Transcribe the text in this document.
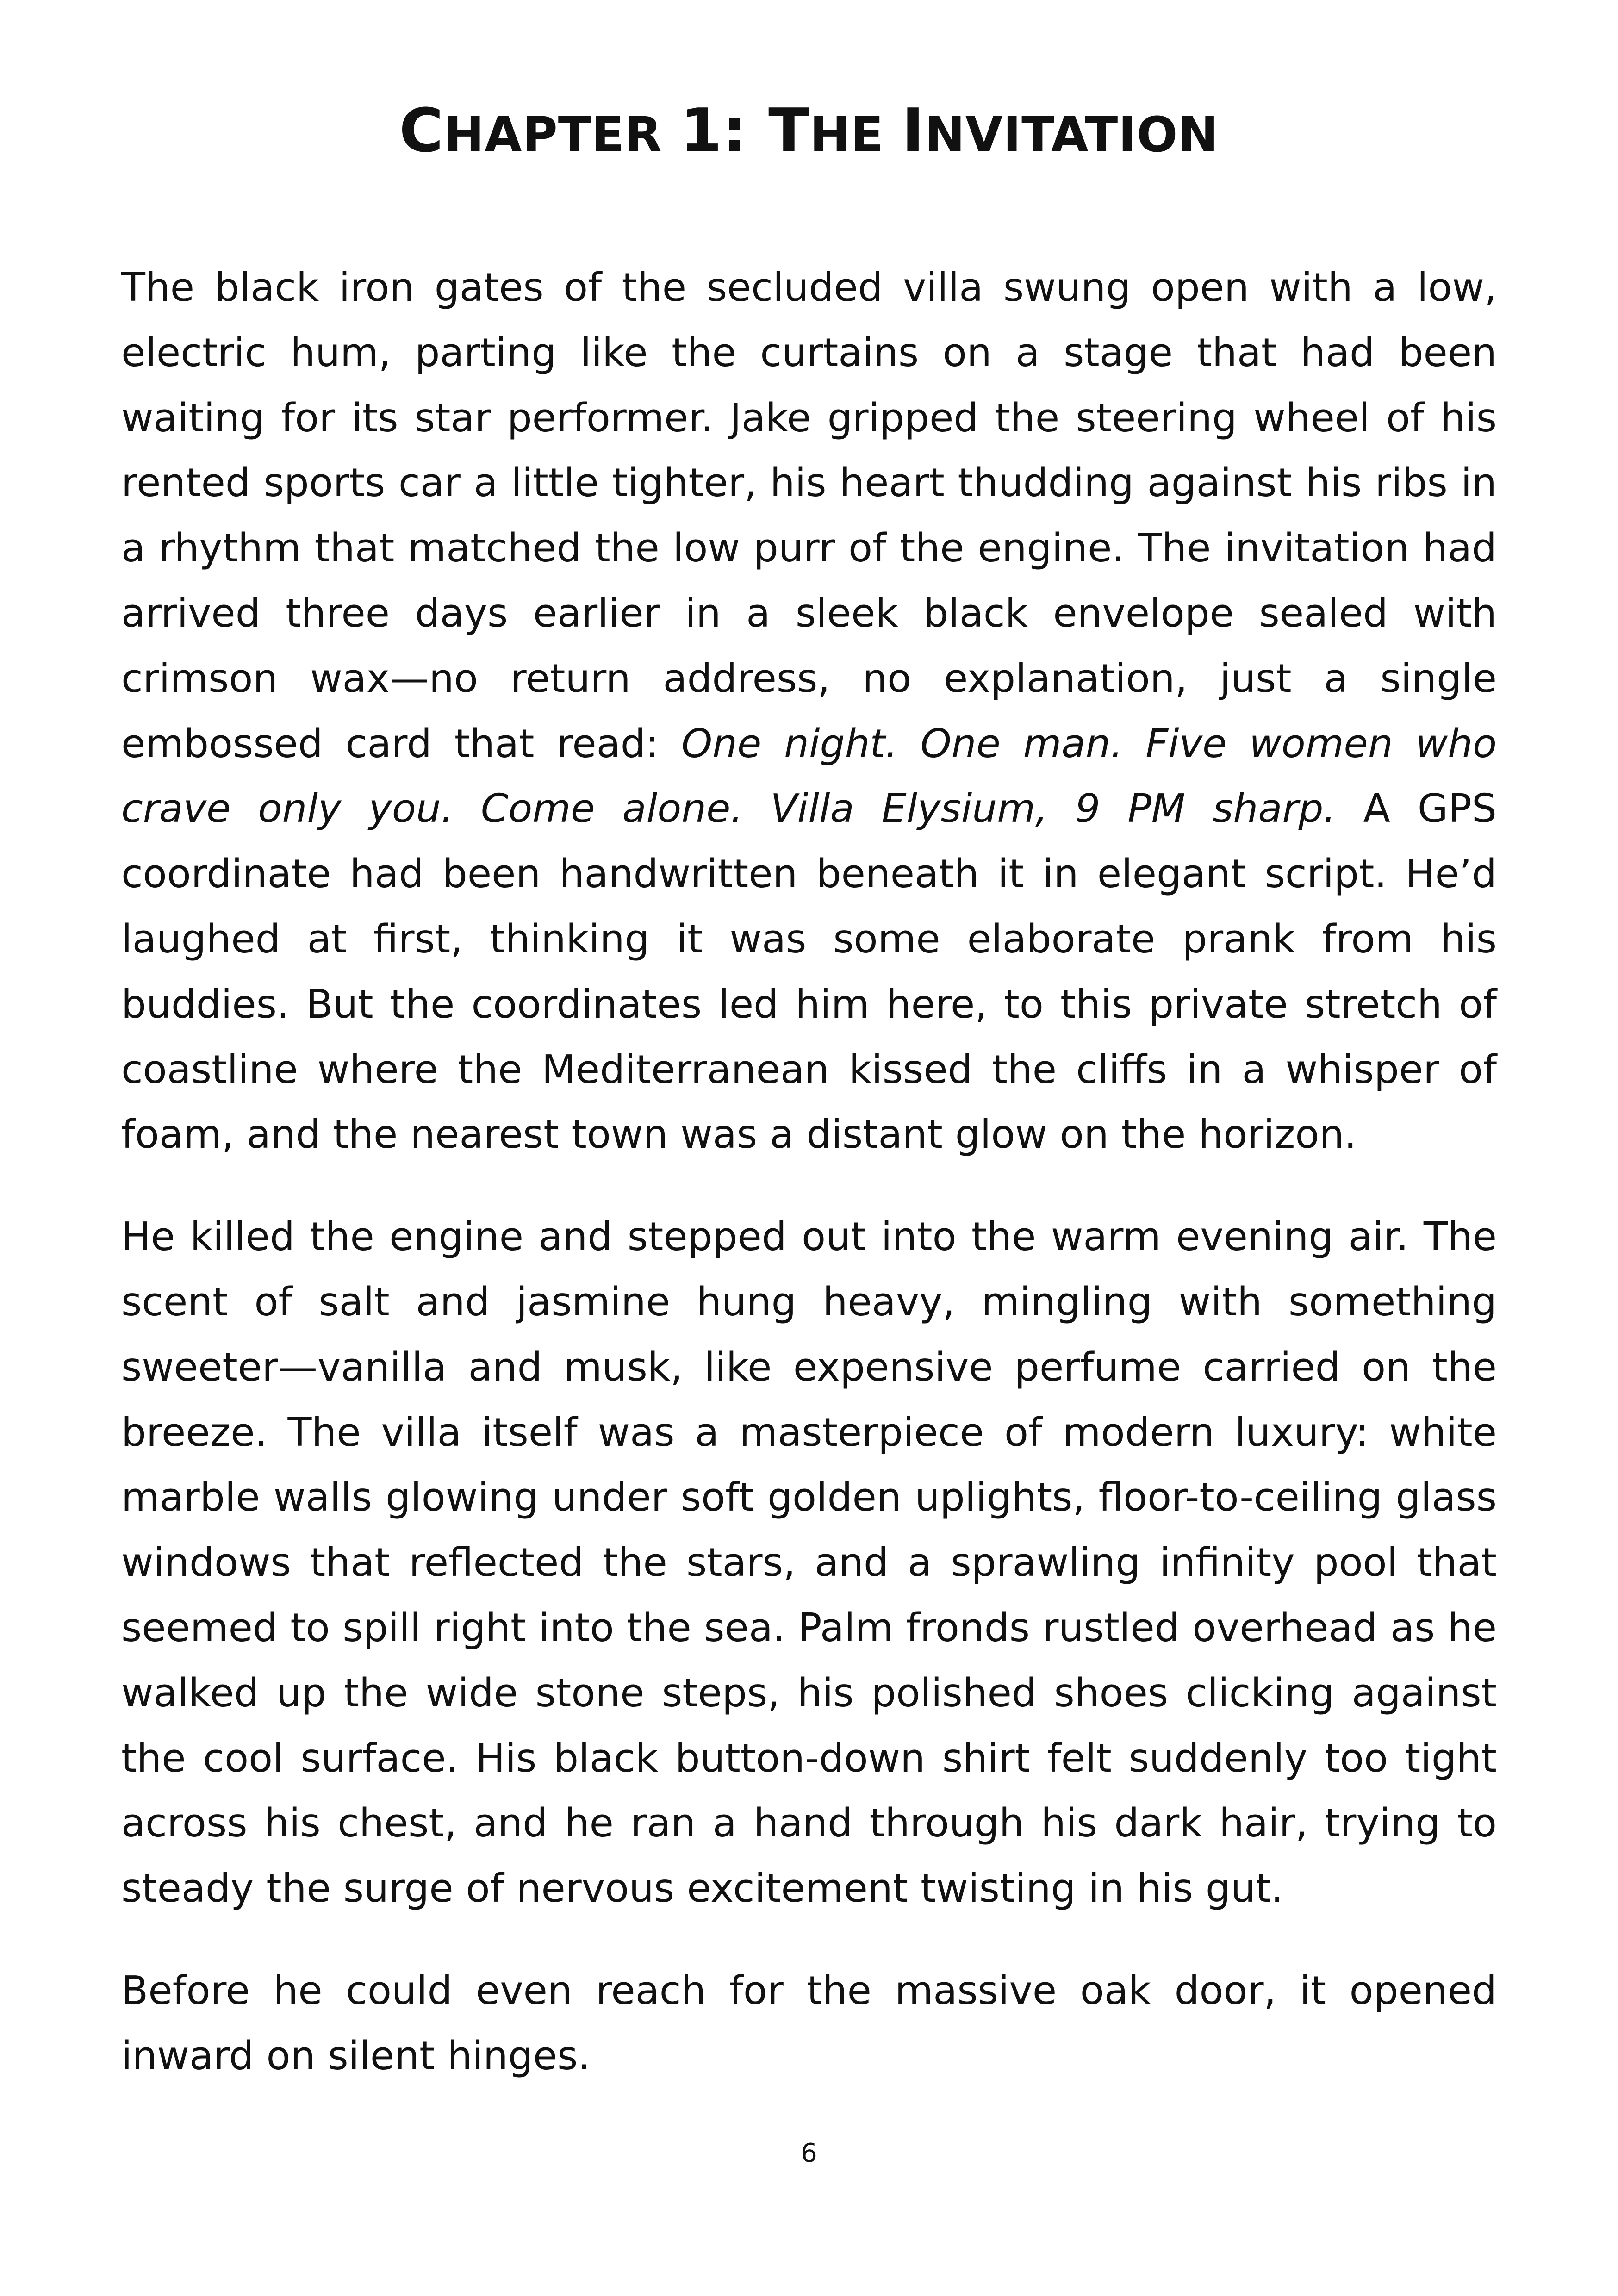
CHAPTER 1: THE INVITATION

The black iron gates of the secluded villa swung open with a low, electric hum, parting like the curtains on a stage that had been waiting for its star performer. Jake gripped the steering wheel of his rented sports car a little tighter, his heart thudding against his ribs in a rhythm that matched the low purr of the engine. The invitation had arrived three days earlier in a sleek black envelope sealed with crimson wax—no return address, no explanation, just a single embossed card that read: One night. One man. Five women who crave only you. Come alone. Villa Elysium, 9 PM sharp. A GPS coordinate had been handwritten beneath it in elegant script. He’d laughed at first, thinking it was some elaborate prank from his buddies. But the coordinates led him here, to this private stretch of coastline where the Mediterranean kissed the cliffs in a whisper of foam, and the nearest town was a distant glow on the horizon.

He killed the engine and stepped out into the warm evening air. The scent of salt and jasmine hung heavy, mingling with something sweeter—vanilla and musk, like expensive perfume carried on the breeze. The villa itself was a masterpiece of modern luxury: white marble walls glowing under soft golden uplights, floor-to-ceiling glass windows that reflected the stars, and a sprawling infinity pool that seemed to spill right into the sea. Palm fronds rustled overhead as he walked up the wide stone steps, his polished shoes clicking against the cool surface. His black button-down shirt felt suddenly too tight across his chest, and he ran a hand through his dark hair, trying to steady the surge of nervous excitement twisting in his gut.

Before he could even reach for the massive oak door, it opened inward on silent hinges.

6
